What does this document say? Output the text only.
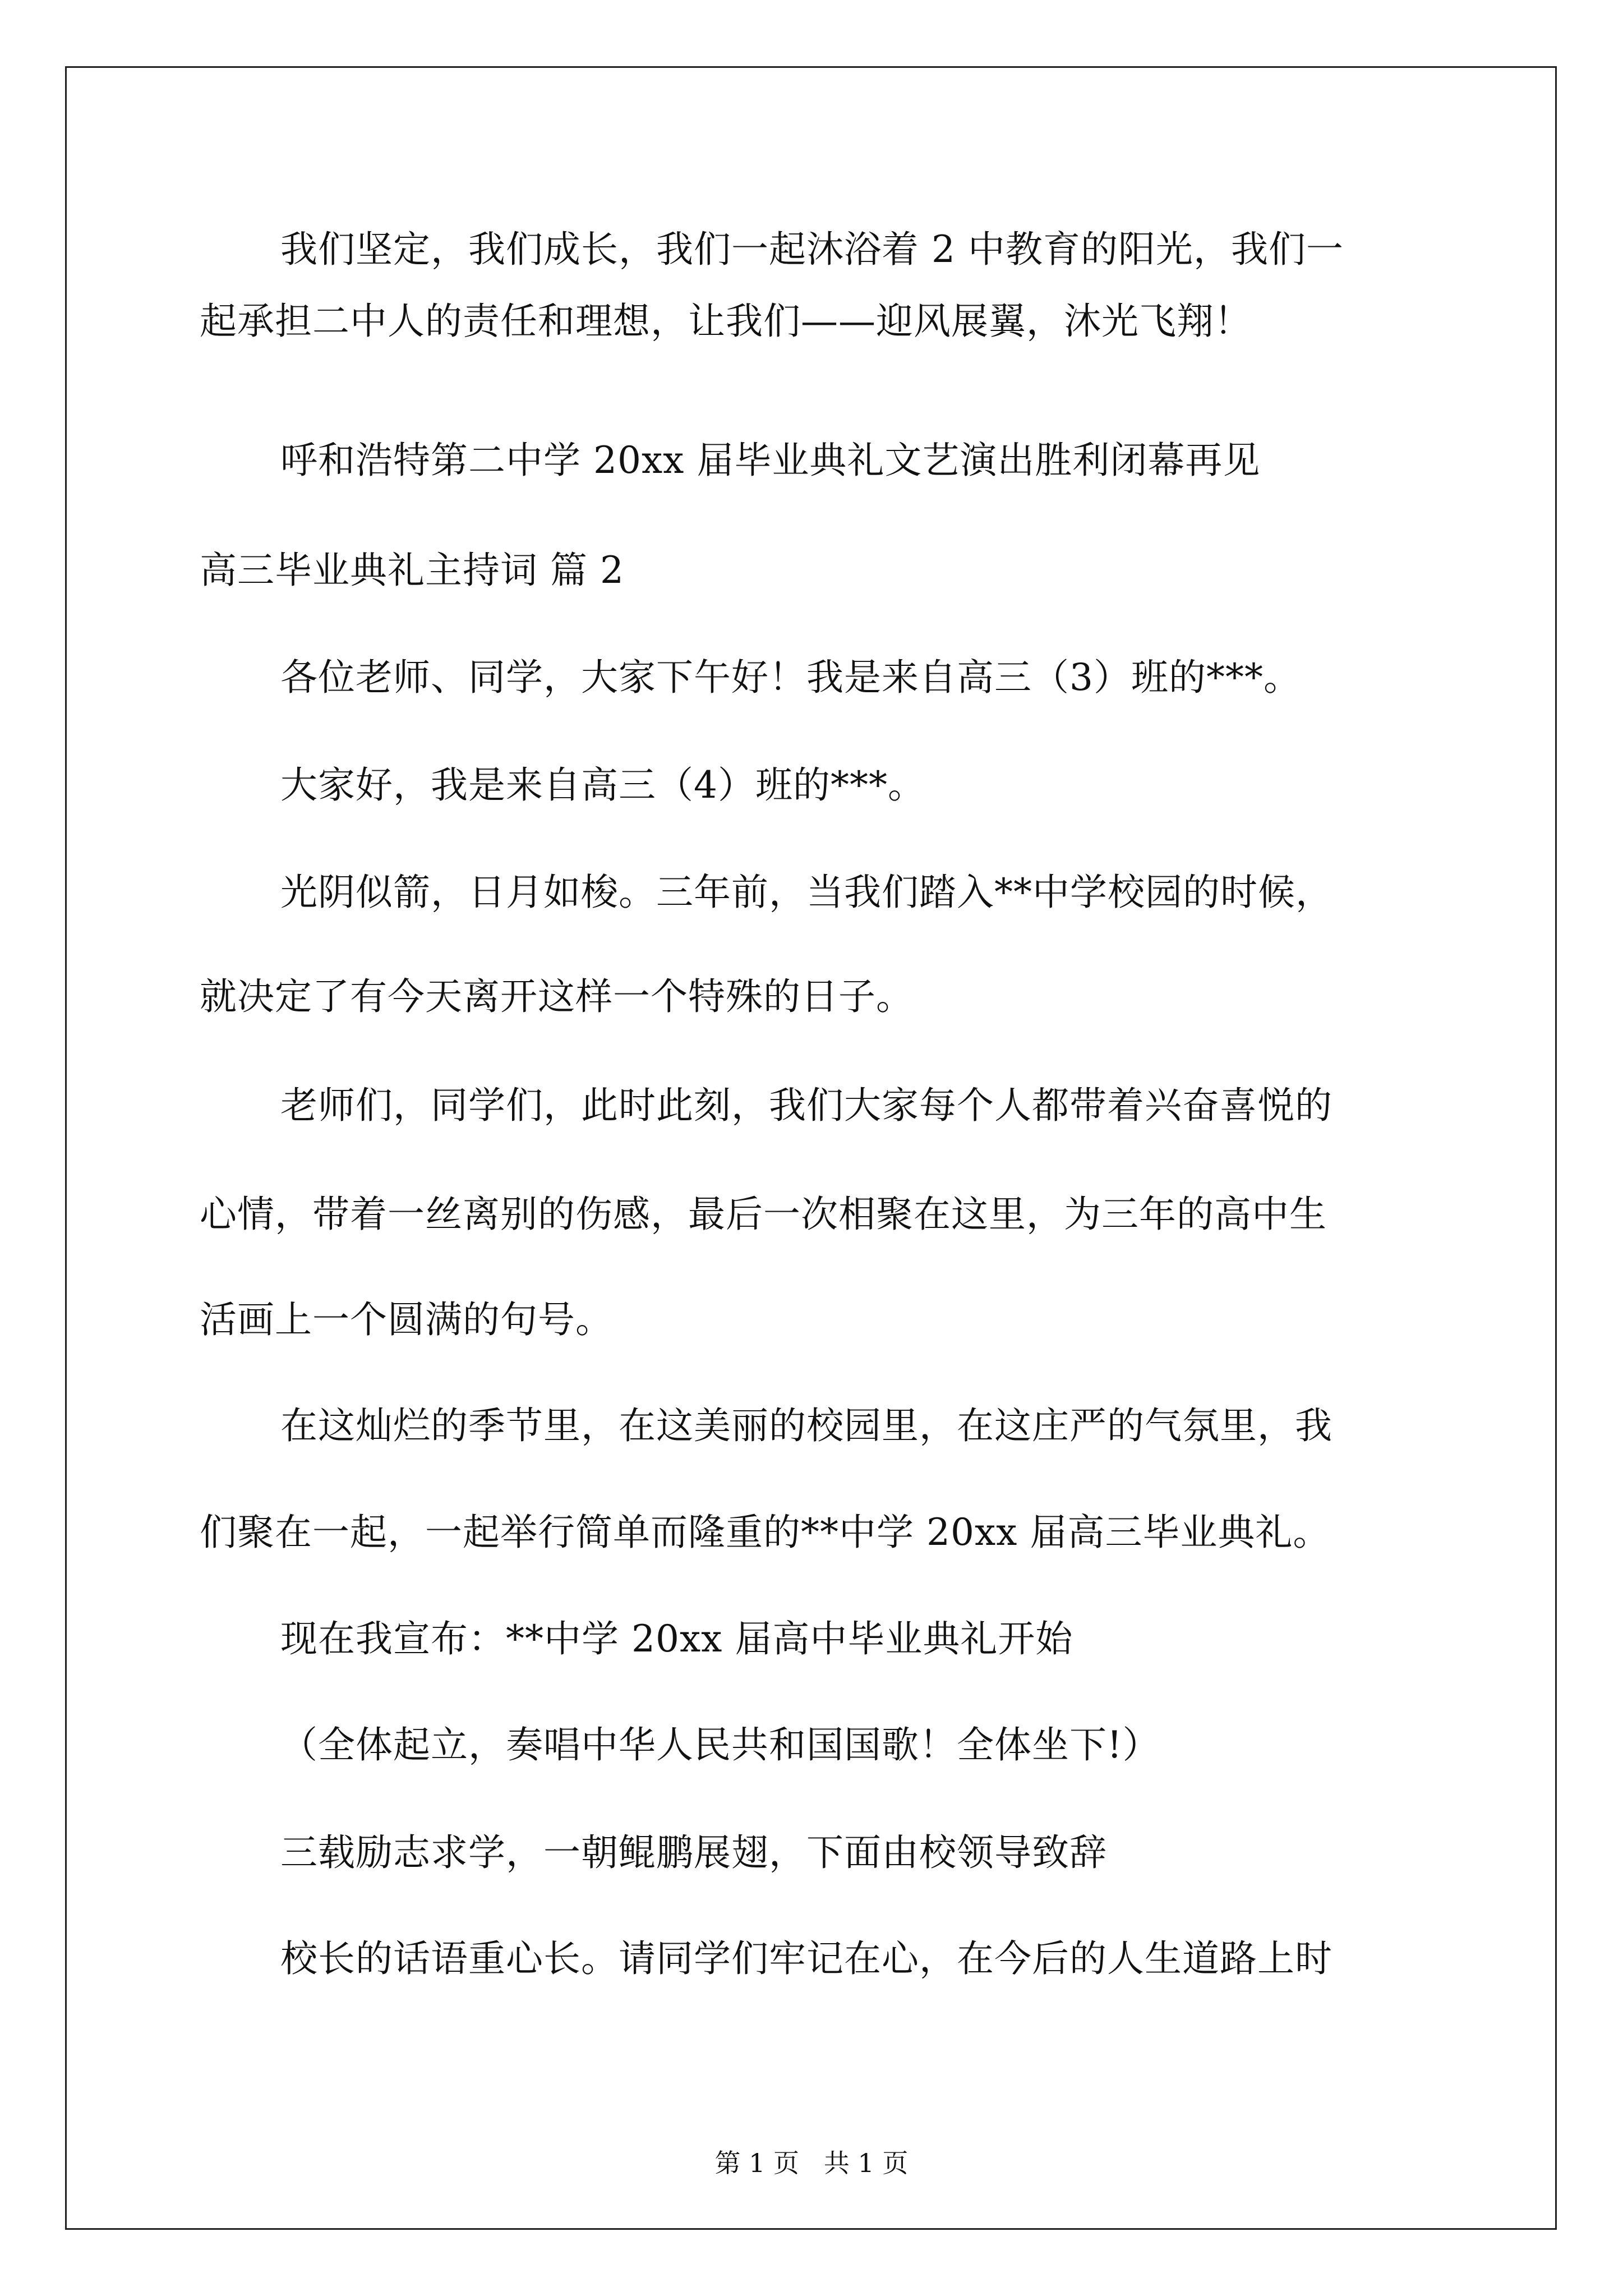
我们坚定，我们成长，我们一起沐浴着 2 中教育的阳光，我们一
起承担二中人的责任和理想，让我们——迎风展翼，沐光飞翔！
呼和浩特第二中学 20xx 届毕业典礼文艺演出胜利闭幕再见
高三毕业典礼主持词 篇 2
各位老师、同学，大家下午好！我是来自高三（3）班的***。
大家好，我是来自高三（4）班的***。
光阴似箭，日月如梭。三年前，当我们踏入**中学校园的时候，
就决定了有今天离开这样一个特殊的日子。
老师们，同学们，此时此刻，我们大家每个人都带着兴奋喜悦的
心情，带着一丝离别的伤感，最后一次相聚在这里，为三年的高中生
活画上一个圆满的句号。
在这灿烂的季节里，在这美丽的校园里，在这庄严的气氛里，我
们聚在一起，一起举行简单而隆重的**中学 20xx 届高三毕业典礼。
现在我宣布：**中学 20xx 届高中毕业典礼开始
（全体起立，奏唱中华人民共和国国歌！全体坐下!）
三载励志求学，一朝鲲鹏展翅，下面由校领导致辞
校长的话语重心长。请同学们牢记在心，在今后的人生道路上时
第 1 页   共 1 页
